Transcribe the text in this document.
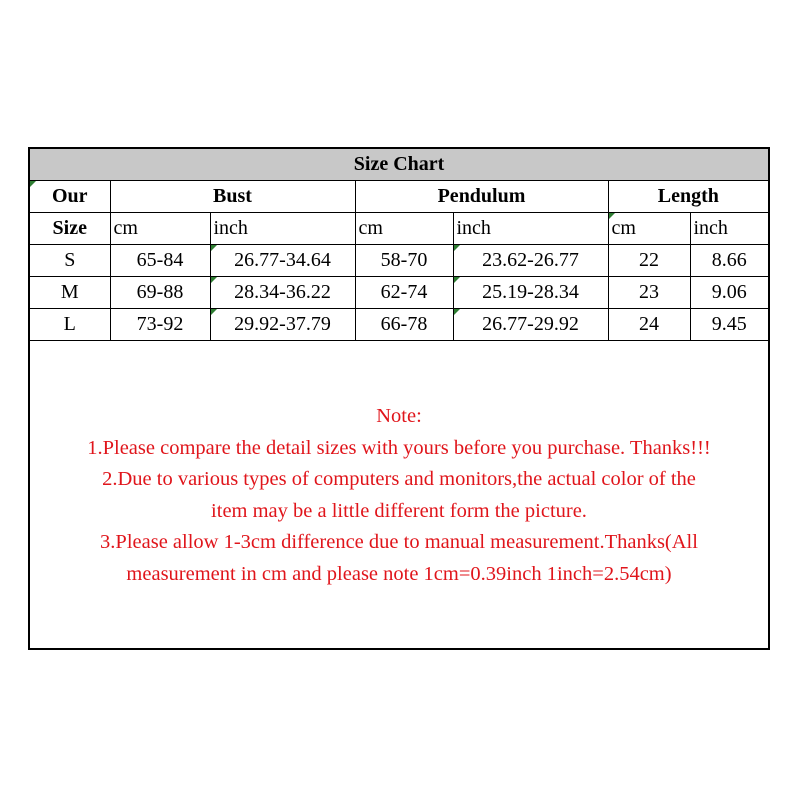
Size Chart						
Our	Bust		Pendulum		Length	
Size	cm	inch	cm	inch	cm	inch
S	65-84	26.77-34.64	58-70	23.62-26.77	22	8.66
M	69-88	28.34-36.22	62-74	25.19-28.34	23	9.06
L	73-92	29.92-37.79	66-78	26.77-29.92	24	9.45
Note:
1.Please compare the detail sizes with yours before you purchase. Thanks!!!
2.Due to various types of computers and monitors,the actual color of the
item may be a little different form the picture.
3.Please allow 1-3cm difference due to manual measurement.Thanks(All
measurement in cm and please note 1cm=0.39inch 1inch=2.54cm)
